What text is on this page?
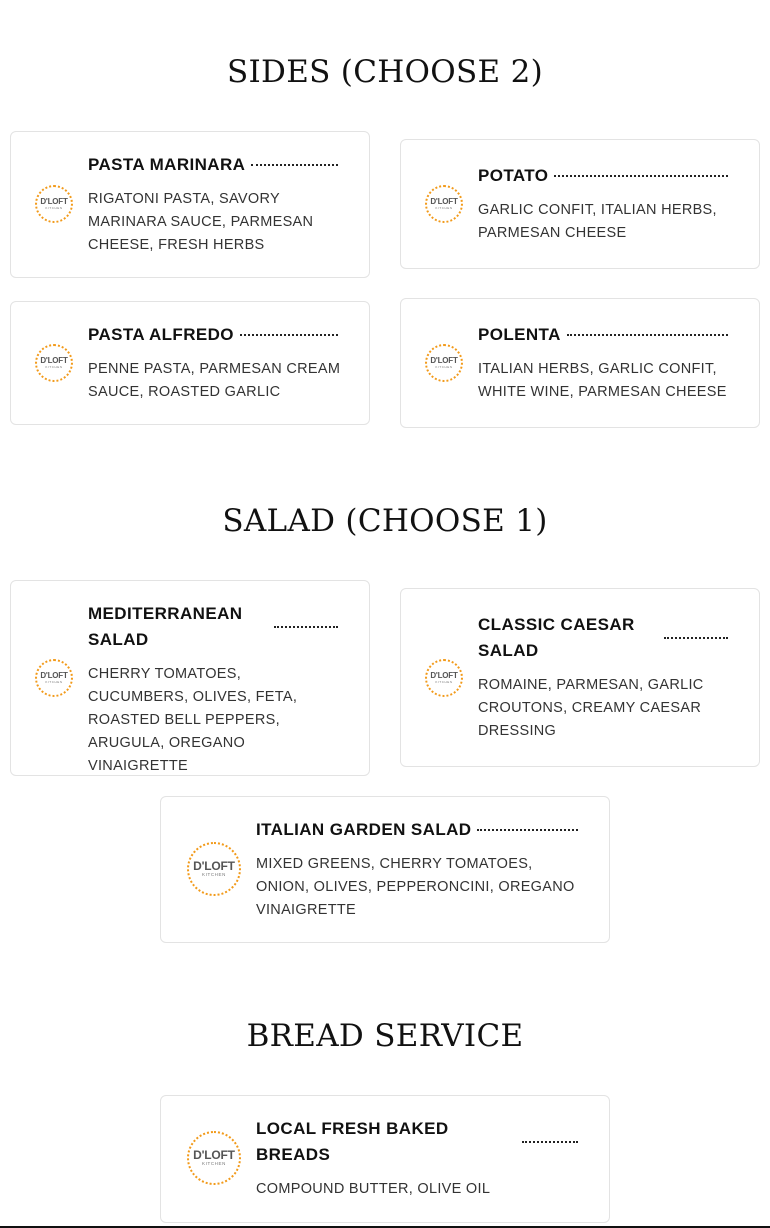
SIDES (CHOOSE 2)
D'LOFT
KITCHEN
PASTA MARINARA
RIGATONI PASTA, SAVORY MARINARA SAUCE, PARMESAN CHEESE, FRESH HERBS
D'LOFT
KITCHEN
POTATO
GARLIC CONFIT, ITALIAN HERBS, PARMESAN CHEESE
D'LOFT
KITCHEN
PASTA ALFREDO
PENNE PASTA, PARMESAN CREAM SAUCE, ROASTED GARLIC
D'LOFT
KITCHEN
POLENTA
ITALIAN HERBS, GARLIC CONFIT, WHITE WINE, PARMESAN CHEESE
SALAD (CHOOSE 1)
D'LOFT
KITCHEN
MEDITERRANEAN SALAD
CHERRY TOMATOES, CUCUMBERS, OLIVES, FETA, ROASTED BELL PEPPERS, ARUGULA, OREGANO VINAIGRETTE
D'LOFT
KITCHEN
CLASSIC CAESAR SALAD
ROMAINE, PARMESAN, GARLIC CROUTONS, CREAMY CAESAR DRESSING
D'LOFT
KITCHEN
ITALIAN GARDEN SALAD
MIXED GREENS, CHERRY TOMATOES, ONION, OLIVES, PEPPERONCINI, OREGANO VINAIGRETTE
BREAD SERVICE
D'LOFT
KITCHEN
LOCAL FRESH BAKED BREADS
COMPOUND BUTTER, OLIVE OIL
